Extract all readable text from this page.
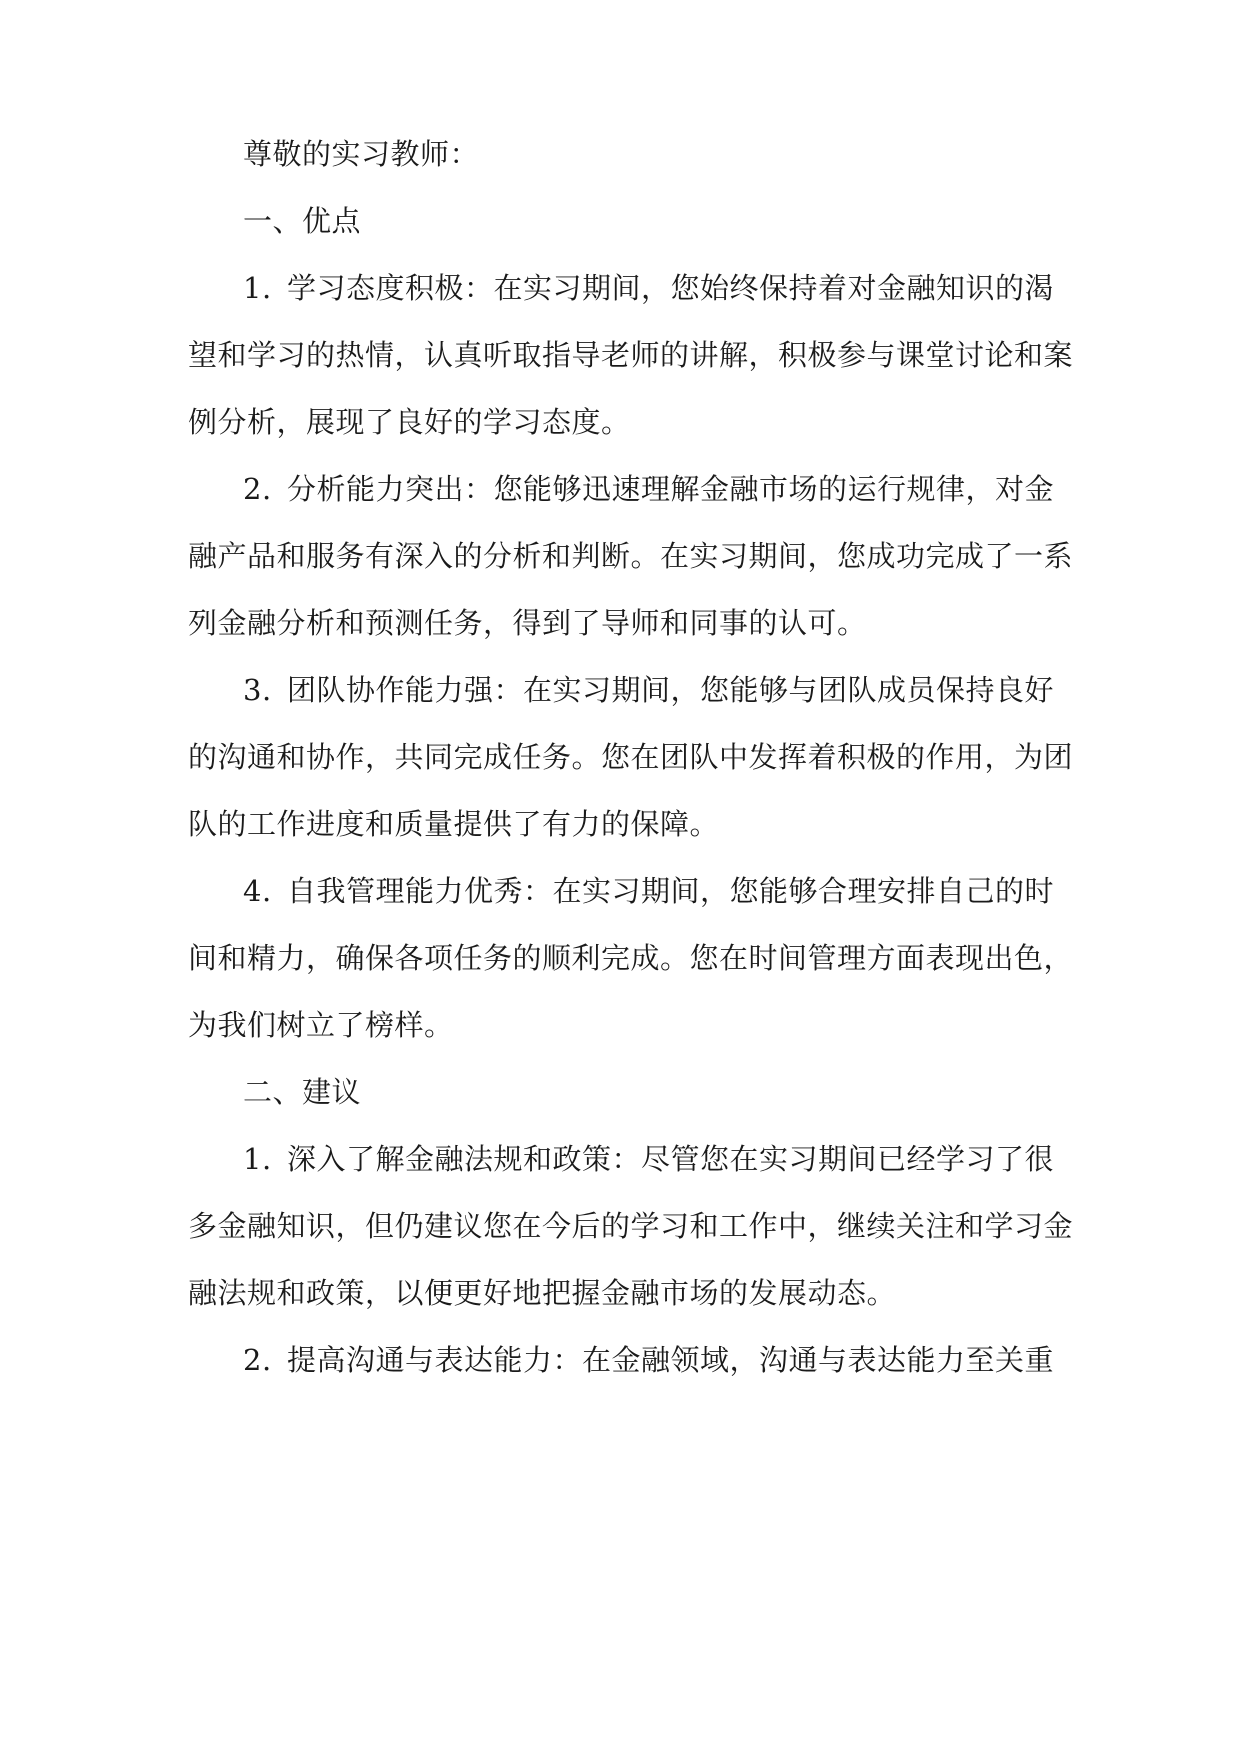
尊敬的实习教师：
一、优点
1. 学习态度积极：在实习期间，您始终保持着对金融知识的渴
望和学习的热情，认真听取指导老师的讲解，积极参与课堂讨论和案
例分析，展现了良好的学习态度。
2. 分析能力突出：您能够迅速理解金融市场的运行规律，对金
融产品和服务有深入的分析和判断。在实习期间，您成功完成了一系
列金融分析和预测任务，得到了导师和同事的认可。
3. 团队协作能力强：在实习期间，您能够与团队成员保持良好
的沟通和协作，共同完成任务。您在团队中发挥着积极的作用，为团
队的工作进度和质量提供了有力的保障。
4. 自我管理能力优秀：在实习期间，您能够合理安排自己的时
间和精力，确保各项任务的顺利完成。您在时间管理方面表现出色，
为我们树立了榜样。
二、建议
1. 深入了解金融法规和政策：尽管您在实习期间已经学习了很
多金融知识，但仍建议您在今后的学习和工作中，继续关注和学习金
融法规和政策，以便更好地把握金融市场的发展动态。
2. 提高沟通与表达能力：在金融领域，沟通与表达能力至关重
